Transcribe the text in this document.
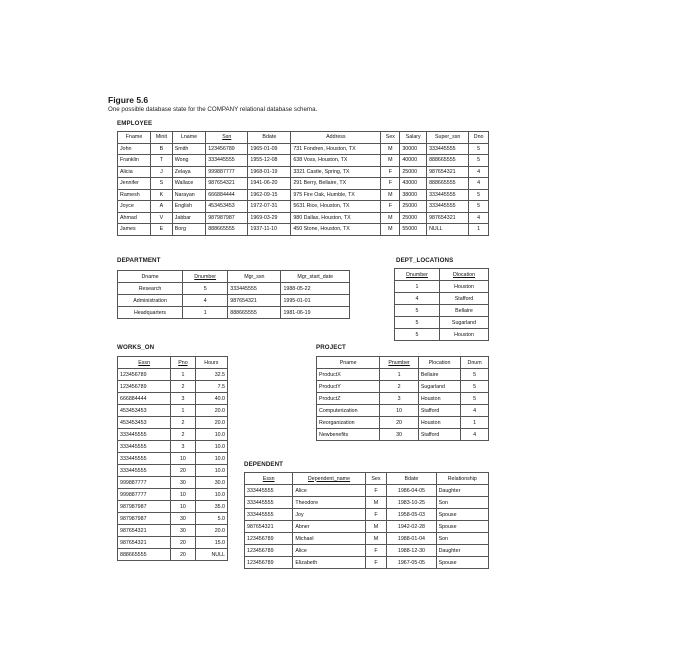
Figure 5.6
One possible database state for the COMPANY relational database schema.
EMPLOYEE
Fname	Minit	Lname	Ssn	Bdate	Address	Sex	Salary	Super_ssn	Dno
John	B	Smith	123456789	1965-01-09	731 Fondren, Houston, TX	M	30000	333445555	5
Franklin	T	Wong	333445555	1955-12-08	638 Voss, Houston, TX	M	40000	888665555	5
Alicia	J	Zelaya	999887777	1968-01-19	3321 Castle, Spring, TX	F	25000	987654321	4
Jennifer	S	Wallace	987654321	1941-06-20	291 Berry, Bellaire, TX	F	43000	888665555	4
Ramesh	K	Narayan	666884444	1962-09-15	975 Fire Oak, Humble, TX	M	38000	333445555	5
Joyce	A	English	453453453	1972-07-31	5631 Rice, Houston, TX	F	25000	333445555	5
Ahmad	V	Jabbar	987987987	1969-03-29	980 Dallas, Houston, TX	M	25000	987654321	4
James	E	Borg	888665555	1937-11-10	450 Stone, Houston, TX	M	55000	NULL	1
DEPARTMENT
Dname	Dnumber	Mgr_ssn	Mgr_start_date
Research	5	333445555	1988-05-22
Administration	4	987654321	1995-01-01
Headquarters	1	888665555	1981-06-19
DEPT_LOCATIONS
Dnumber	Dlocation
1	Houston
4	Stafford
5	Bellaire
5	Sugarland
5	Houston
WORKS_ON
Essn	Pno	Hours
123456789	1	32.5
123456789	2	7.5
666884444	3	40.0
453453453	1	20.0
453453453	2	20.0
333445555	2	10.0
333445555	3	10.0
333445555	10	10.0
333445555	20	10.0
999887777	30	30.0
999887777	10	10.0
987987987	10	35.0
987987987	30	5.0
987654321	30	20.0
987654321	20	15.0
888665555	20	NULL
PROJECT
Pname	Pnumber	Plocation	Dnum
ProductX	1	Bellaire	5
ProductY	2	Sugarland	5
ProductZ	3	Houston	5
Computerization	10	Stafford	4
Reorganization	20	Houston	1
Newbenefits	30	Stafford	4
DEPENDENT
Essn	Dependent_name	Sex	Bdate	Relationship
333445555	Alice	F	1986-04-05	Daughter
333445555	Theodore	M	1983-10-25	Son
333445555	Joy	F	1958-05-03	Spouse
987654321	Abner	M	1942-02-28	Spouse
123456789	Michael	M	1988-01-04	Son
123456789	Alice	F	1988-12-30	Daughter
123456789	Elizabeth	F	1967-05-05	Spouse
